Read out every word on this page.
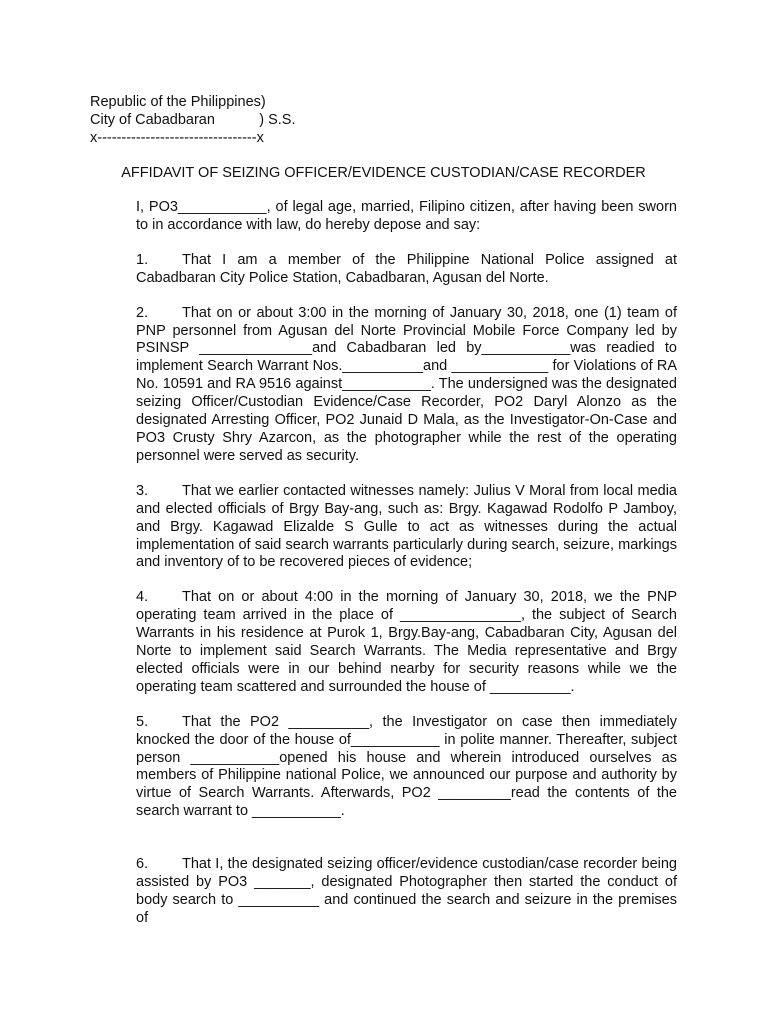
Republic of the Philippines)
City of Cabadbaran           ) S.S.
x---------------------------------x
AFFIDAVIT OF SEIZING OFFICER/EVIDENCE CUSTODIAN/CASE RECORDER
I, PO3___________, of legal age, married, Filipino citizen, after having been sworn to in accordance with law, do hereby depose and say:
1. That I am a member of the Philippine National Police assigned at Cabadbaran City Police Station, Cabadbaran, Agusan del Norte.
2. That on or about 3:00 in the morning of January 30, 2018, one (1) team of PNP personnel from Agusan del Norte Provincial Mobile Force Company led by PSINSP ______________and Cabadbaran led by___________was readied to implement Search Warrant Nos.__________and ____________ for Violations of RA No. 10591 and RA 9516 against___________. The undersigned was the designated seizing Officer/Custodian Evidence/Case Recorder, PO2 Daryl Alonzo as the designated Arresting Officer, PO2 Junaid D Mala, as the Investigator-On-Case and PO3 Crusty Shry Azarcon, as the photographer while the rest of the operating personnel were served as security.
3. That we earlier contacted witnesses namely: Julius V Moral from local media and elected officials of Brgy Bay-ang, such as: Brgy. Kagawad Rodolfo P Jamboy, and Brgy. Kagawad Elizalde S Gulle to act as witnesses during the actual implementation of said search warrants particularly during search, seizure, markings and inventory of to be recovered pieces of evidence;
4. That on or about 4:00 in the morning of January 30, 2018, we the PNP operating team arrived in the place of _______________, the subject of Search Warrants in his residence at Purok 1, Brgy.Bay-ang, Cabadbaran City, Agusan del Norte to implement said Search Warrants. The Media representative and Brgy elected officials were in our behind nearby for security reasons while we the operating team scattered and surrounded the house of __________.
5. That the PO2 __________, the Investigator on case then immediately knocked the door of the house of___________ in polite manner. Thereafter, subject person ___________opened his house and wherein introduced ourselves as members of Philippine national Police, we announced our purpose and authority by virtue of Search Warrants. Afterwards, PO2 _________read the contents of the search warrant to ___________.
6. That I, the designated seizing officer/evidence custodian/case recorder being assisted by PO3 _______, designated Photographer then started the conduct of body search to __________ and continued the search and seizure in the premises of
